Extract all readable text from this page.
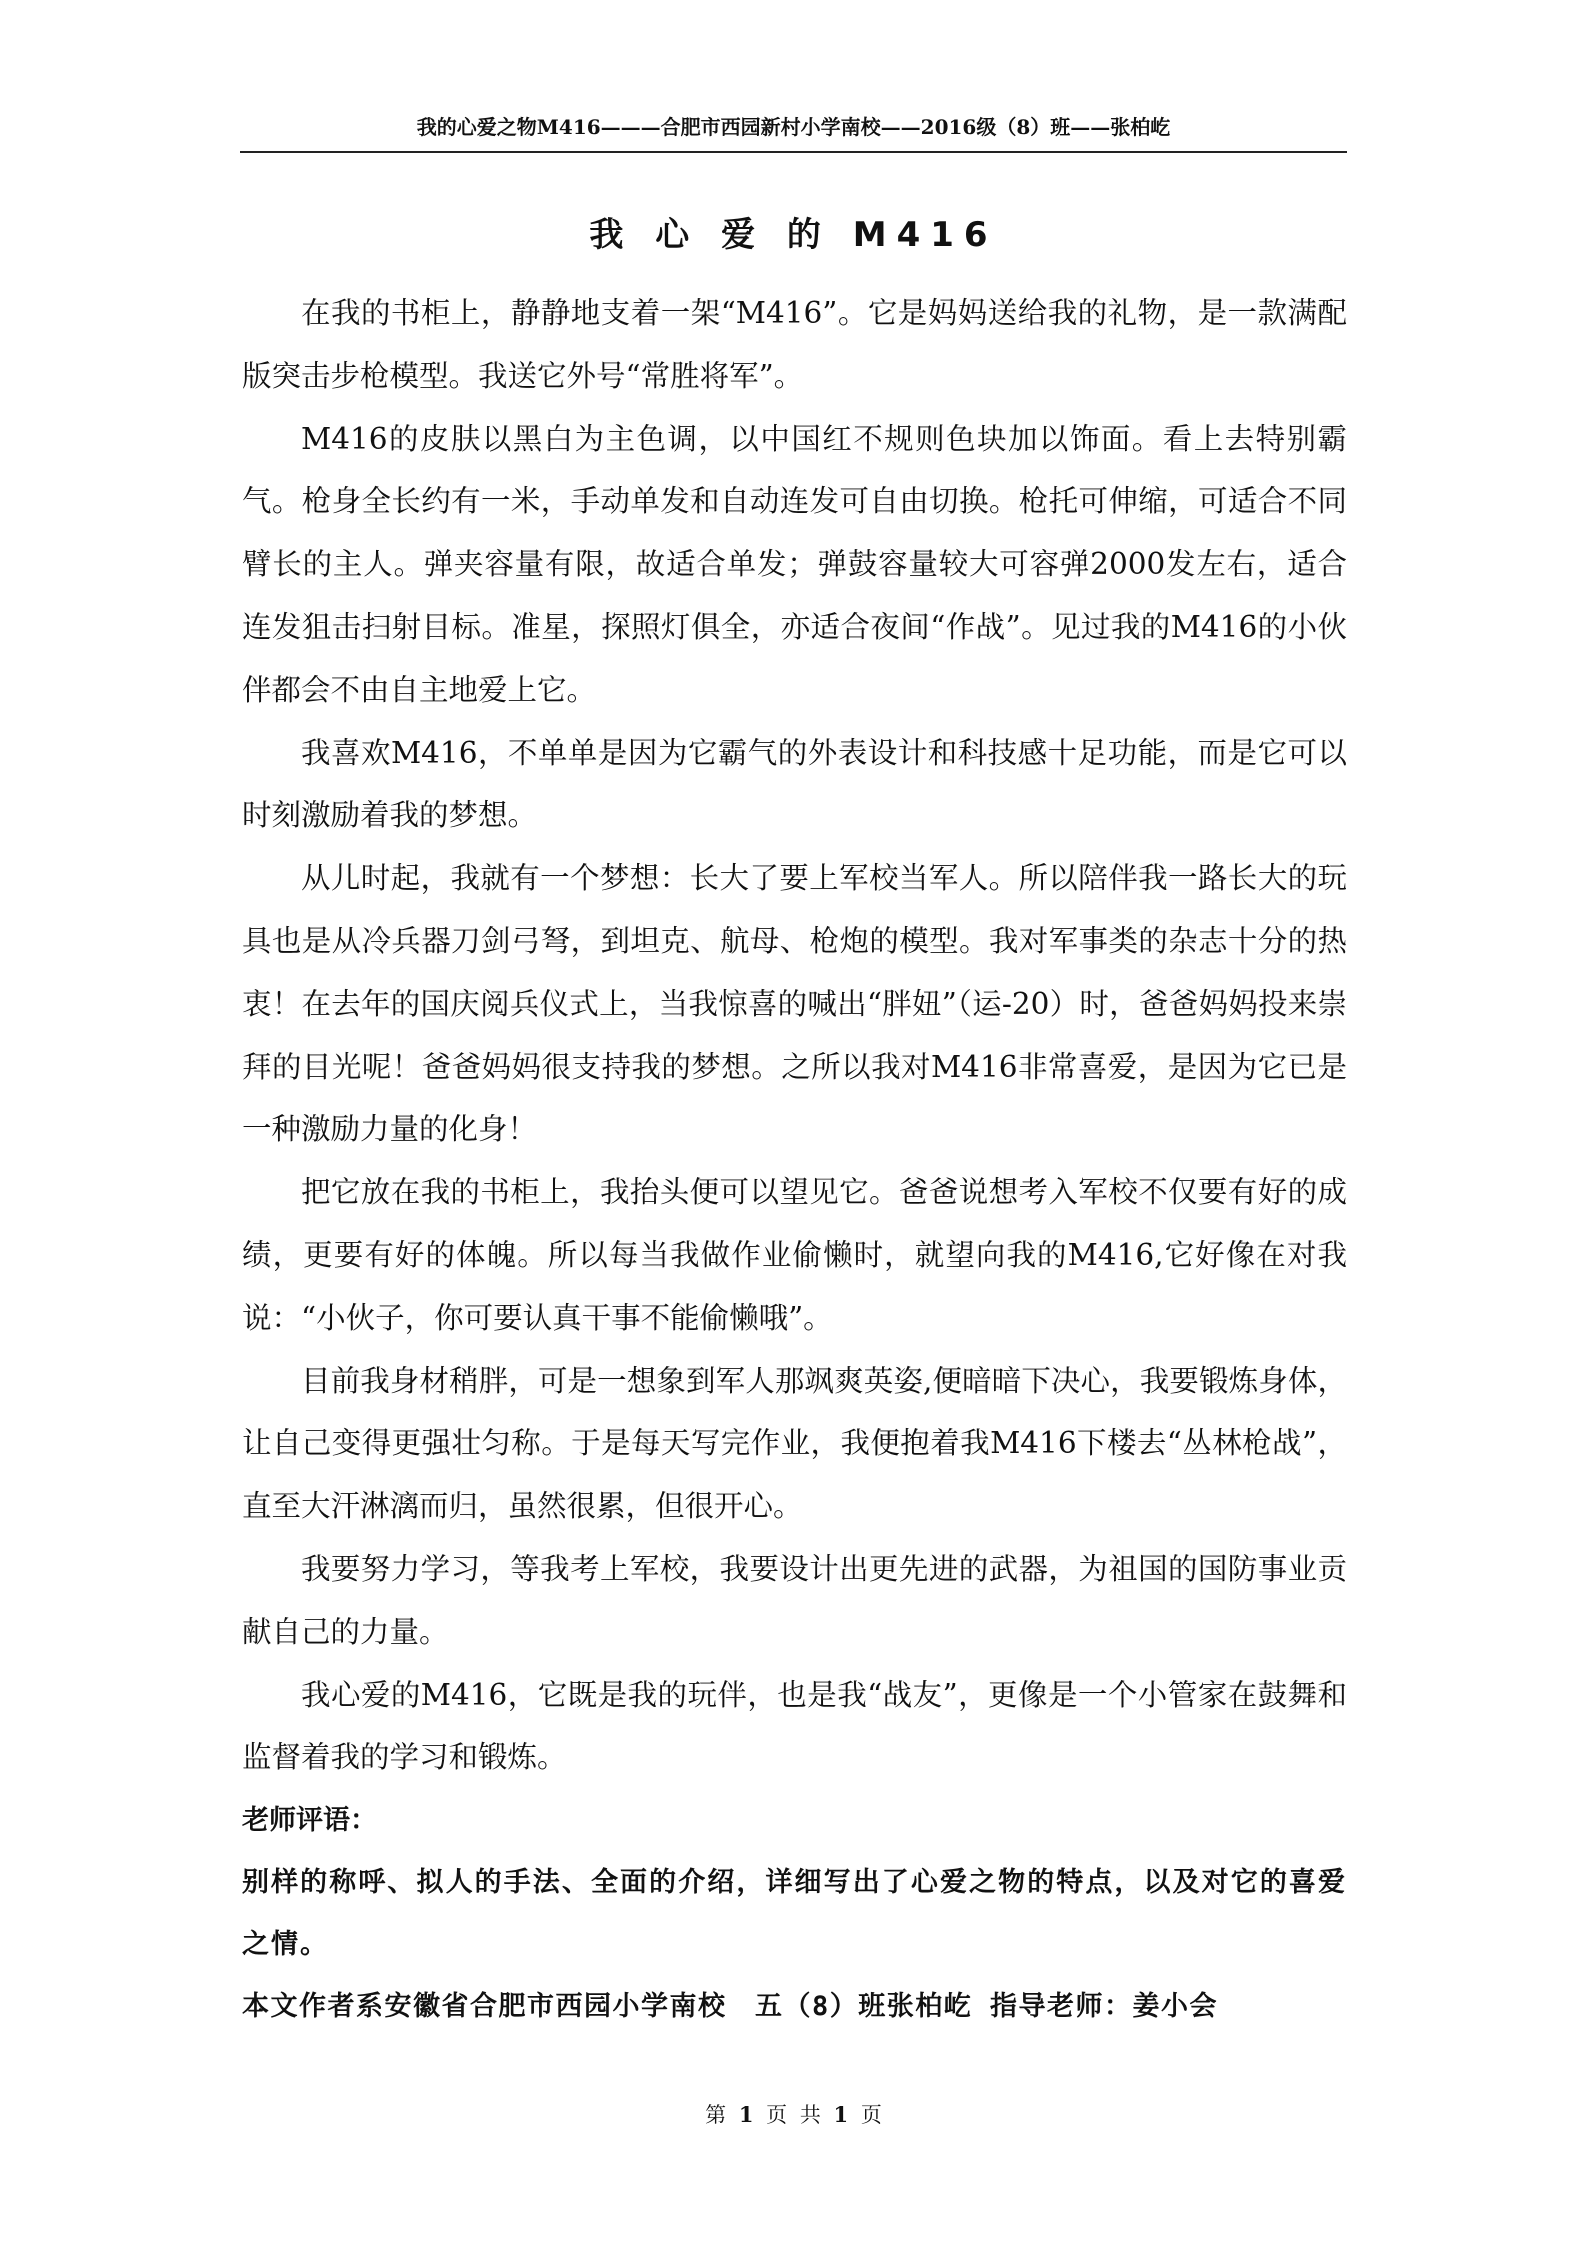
我的心爱之物M416———合肥市西园新村小学南校——2016级（8）班——张柏屹
我 心 爱 的 M416

在我的书柜上，静静地支着一架“M416”。它是妈妈送给我的礼物，是一款满配版突击步枪模型。我送它外号“常胜将军”。

M416的皮肤以黑白为主色调，以中国红不规则色块加以饰面。看上去特别霸气。枪身全长约有一米，手动单发和自动连发可自由切换。枪托可伸缩，可适合不同臂长的主人。弹夹容量有限，故适合单发；弹鼓容量较大可容弹2000发左右，适合连发狙击扫射目标。准星，探照灯俱全，亦适合夜间“作战”。见过我的M416的小伙伴都会不由自主地爱上它。

我喜欢M416，不单单是因为它霸气的外表设计和科技感十足功能，而是它可以时刻激励着我的梦想。

从儿时起，我就有一个梦想：长大了要上军校当军人。所以陪伴我一路长大的玩具也是从冷兵器刀剑弓弩，到坦克、航母、枪炮的模型。我对军事类的杂志十分的热衷！在去年的国庆阅兵仪式上，当我惊喜的喊出“胖妞”（运-20）时，爸爸妈妈投来崇拜的目光呢！爸爸妈妈很支持我的梦想。之所以我对M416非常喜爱，是因为它已是一种激励力量的化身！

把它放在我的书柜上，我抬头便可以望见它。爸爸说想考入军校不仅要有好的成绩，更要有好的体魄。所以每当我做作业偷懒时，就望向我的M416,它好像在对我说：“小伙子，你可要认真干事不能偷懒哦”。

目前我身材稍胖，可是一想象到军人那飒爽英姿,便暗暗下决心，我要锻炼身体，让自己变得更强壮匀称。于是每天写完作业，我便抱着我M416下楼去“丛林枪战”，直至大汗淋漓而归，虽然很累，但很开心。

我要努力学习，等我考上军校，我要设计出更先进的武器，为祖国的国防事业贡献自己的力量。

我心爱的M416，它既是我的玩伴，也是我“战友”，更像是一个小管家在鼓舞和监督着我的学习和锻炼。

老师评语：

别样的称呼、拟人的手法、全面的介绍，详细写出了心爱之物的特点，以及对它的喜爱之情。

本文作者系安徽省合肥市西园小学南校　五（8）班张柏屹 指导老师：姜小会

第 1 页 共 1 页
